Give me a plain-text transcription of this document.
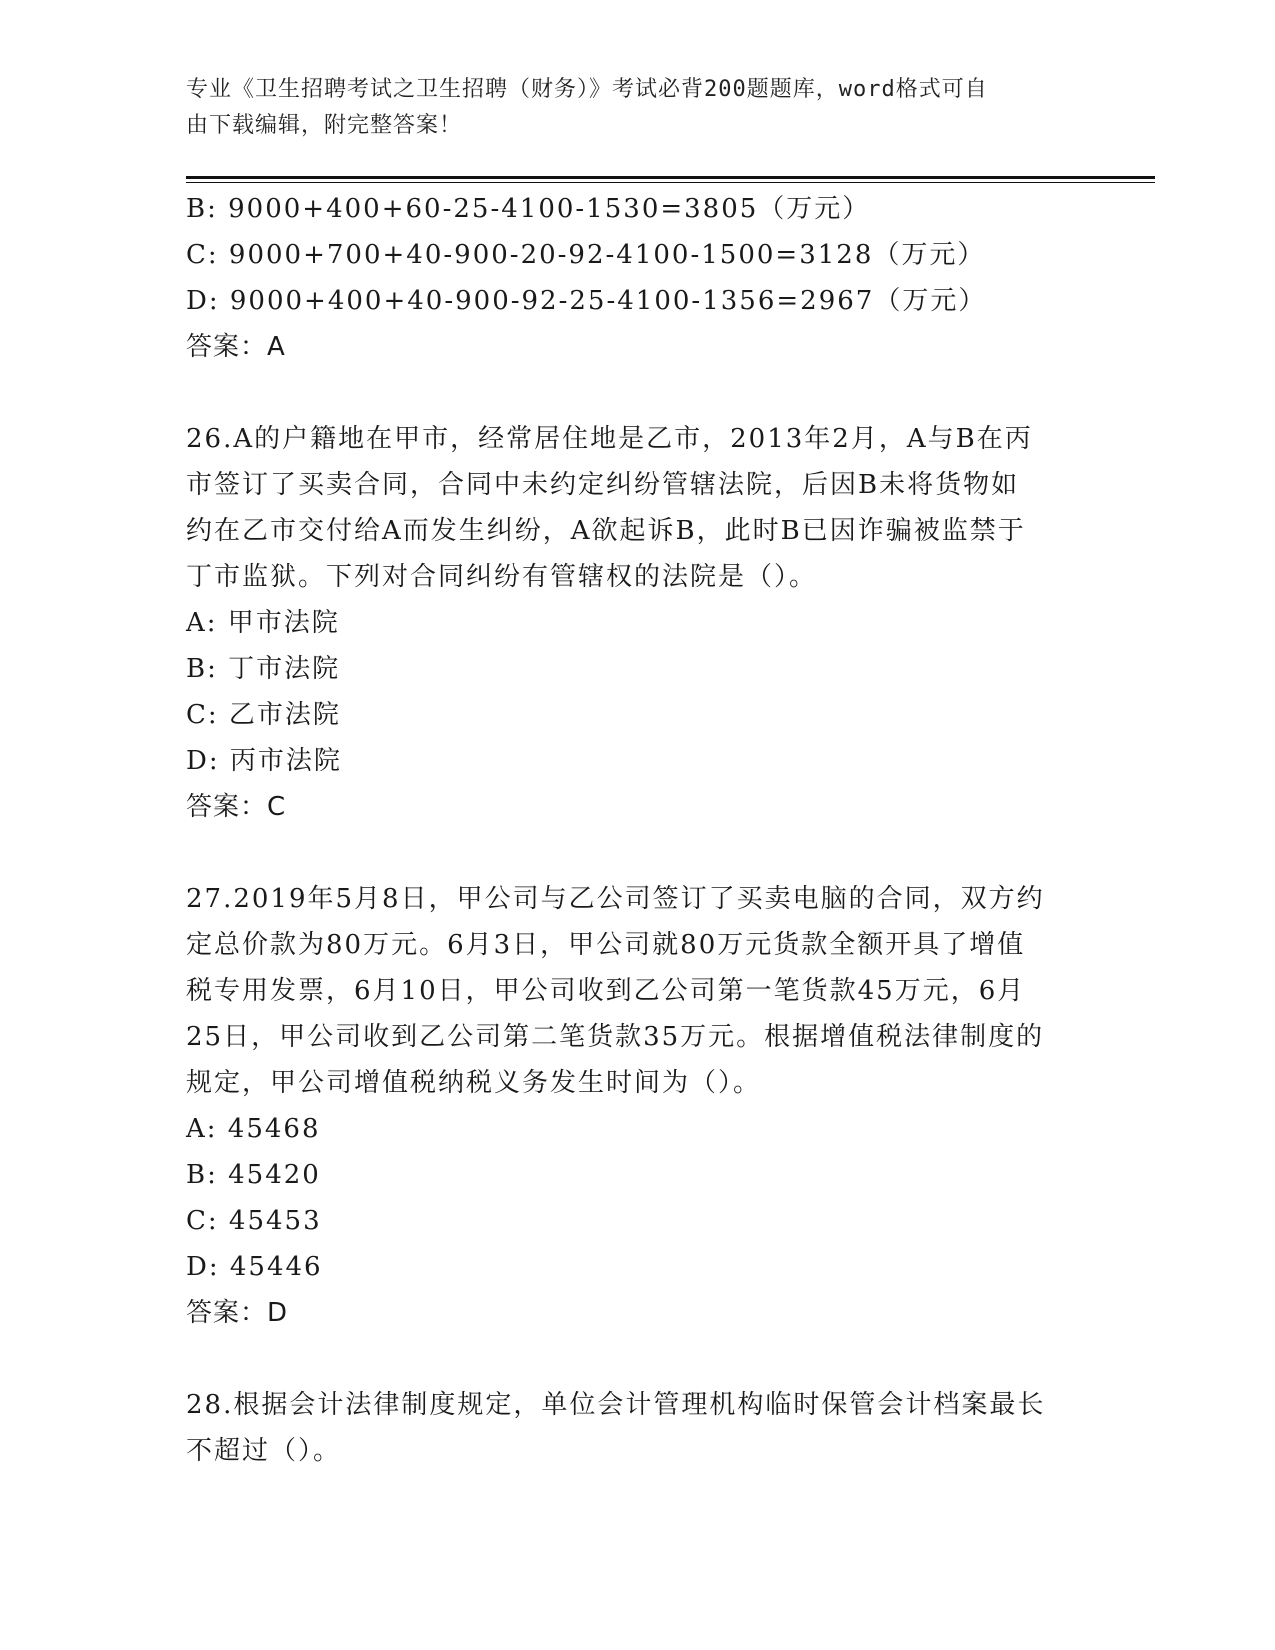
专业《卫生招聘考试之卫生招聘（财务）》考试必背200题题库，word格式可自
由下载编辑，附完整答案！
B: 9000+400+60-25-4100-1530=3805（万元）
C: 9000+700+40-900-20-92-4100-1500=3128（万元）
D: 9000+400+40-900-92-25-4100-1356=2967（万元）
答案：A
26.A的户籍地在甲市，经常居住地是乙市，2013年2月，A与B在丙
市签订了买卖合同，合同中未约定纠纷管辖法院，后因B未将货物如
约在乙市交付给A而发生纠纷，A欲起诉B，此时B已因诈骗被监禁于
丁市监狱。下列对合同纠纷有管辖权的法院是（）。
A: 甲市法院
B: 丁市法院
C: 乙市法院
D: 丙市法院
答案：C
27.2019年5月8日，甲公司与乙公司签订了买卖电脑的合同，双方约
定总价款为80万元。6月3日，甲公司就80万元货款全额开具了增值
税专用发票，6月10日，甲公司收到乙公司第一笔货款45万元，6月
25日，甲公司收到乙公司第二笔货款35万元。根据增值税法律制度的
规定，甲公司增值税纳税义务发生时间为（）。
A: 45468
B: 45420
C: 45453
D: 45446
答案：D
28.根据会计法律制度规定，单位会计管理机构临时保管会计档案最长
不超过（）。
